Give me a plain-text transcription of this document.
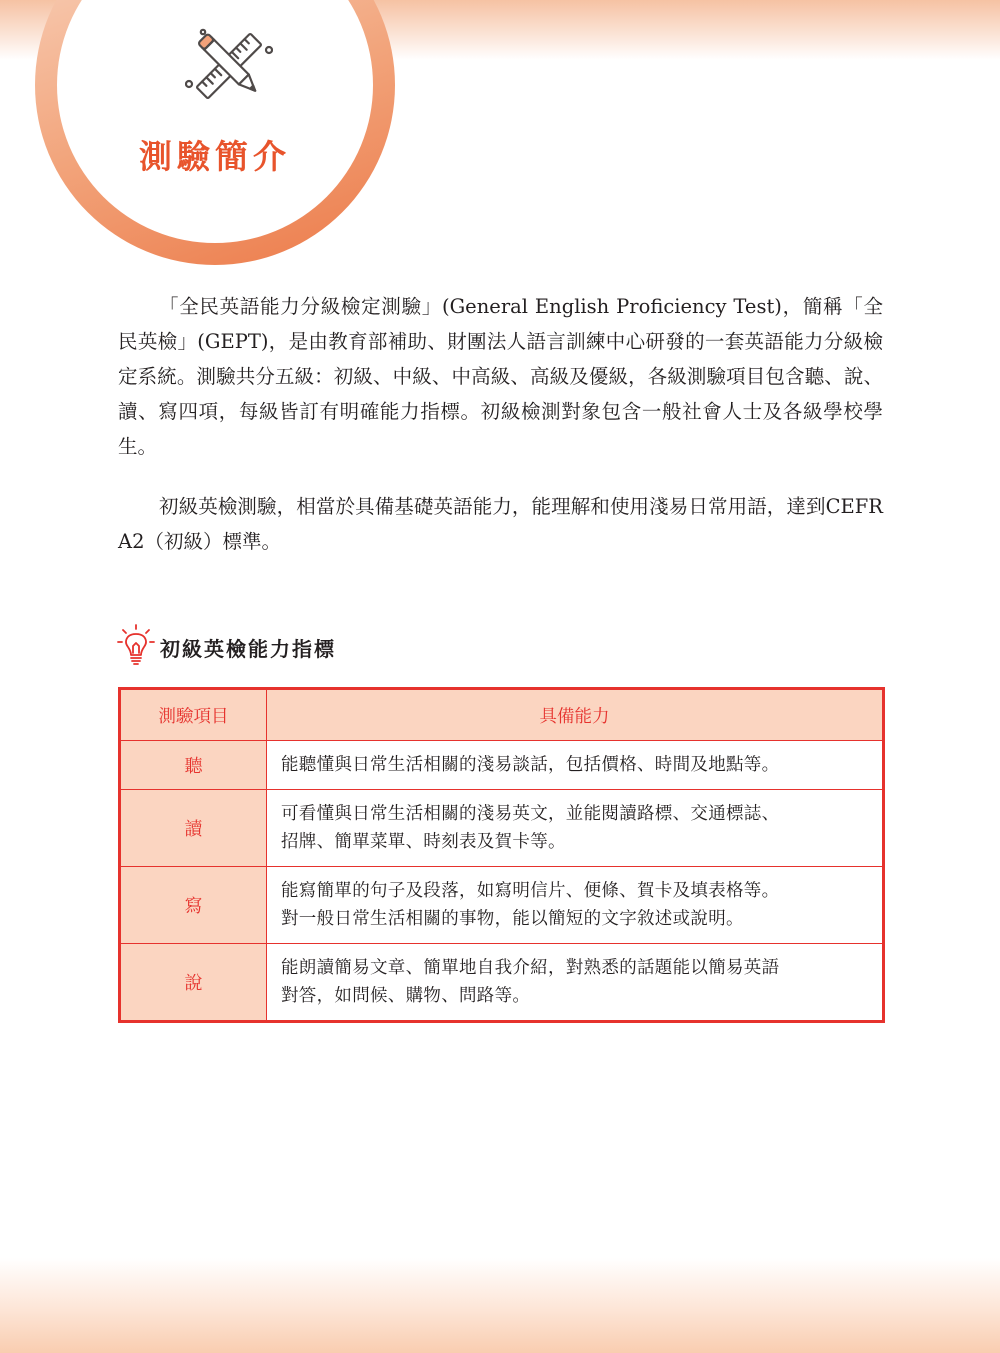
測驗簡介

「全民英語能力分級檢定測驗」(General English Proficiency Test)，簡稱「全民英檢」(GEPT)，是由教育部補助、財團法人語言訓練中心研發的一套英語能力分級檢定系統。測驗共分五級：初級、中級、中高級、高級及優級，各級測驗項目包含聽、說、讀、寫四項，每級皆訂有明確能力指標。初級檢測對象包含一般社會人士及各級學校學生。

初級英檢測驗，相當於具備基礎英語能力，能理解和使用淺易日常用語，達到CEFR A2（初級）標準。

初級英檢能力指標
測驗項目	具備能力
聽	能聽懂與日常生活相關的淺易談話，包括價格、時間及地點等。

讀	可看懂與日常生活相關的淺易英文，並能閱讀路標、交通標誌、
招牌、簡單菜單、時刻表及賀卡等。

寫	能寫簡單的句子及段落，如寫明信片、便條、賀卡及填表格等。
對一般日常生活相關的事物，能以簡短的文字敘述或說明。

說	能朗讀簡易文章、簡單地自我介紹，對熟悉的話題能以簡易英語
對答，如問候、購物、問路等。
